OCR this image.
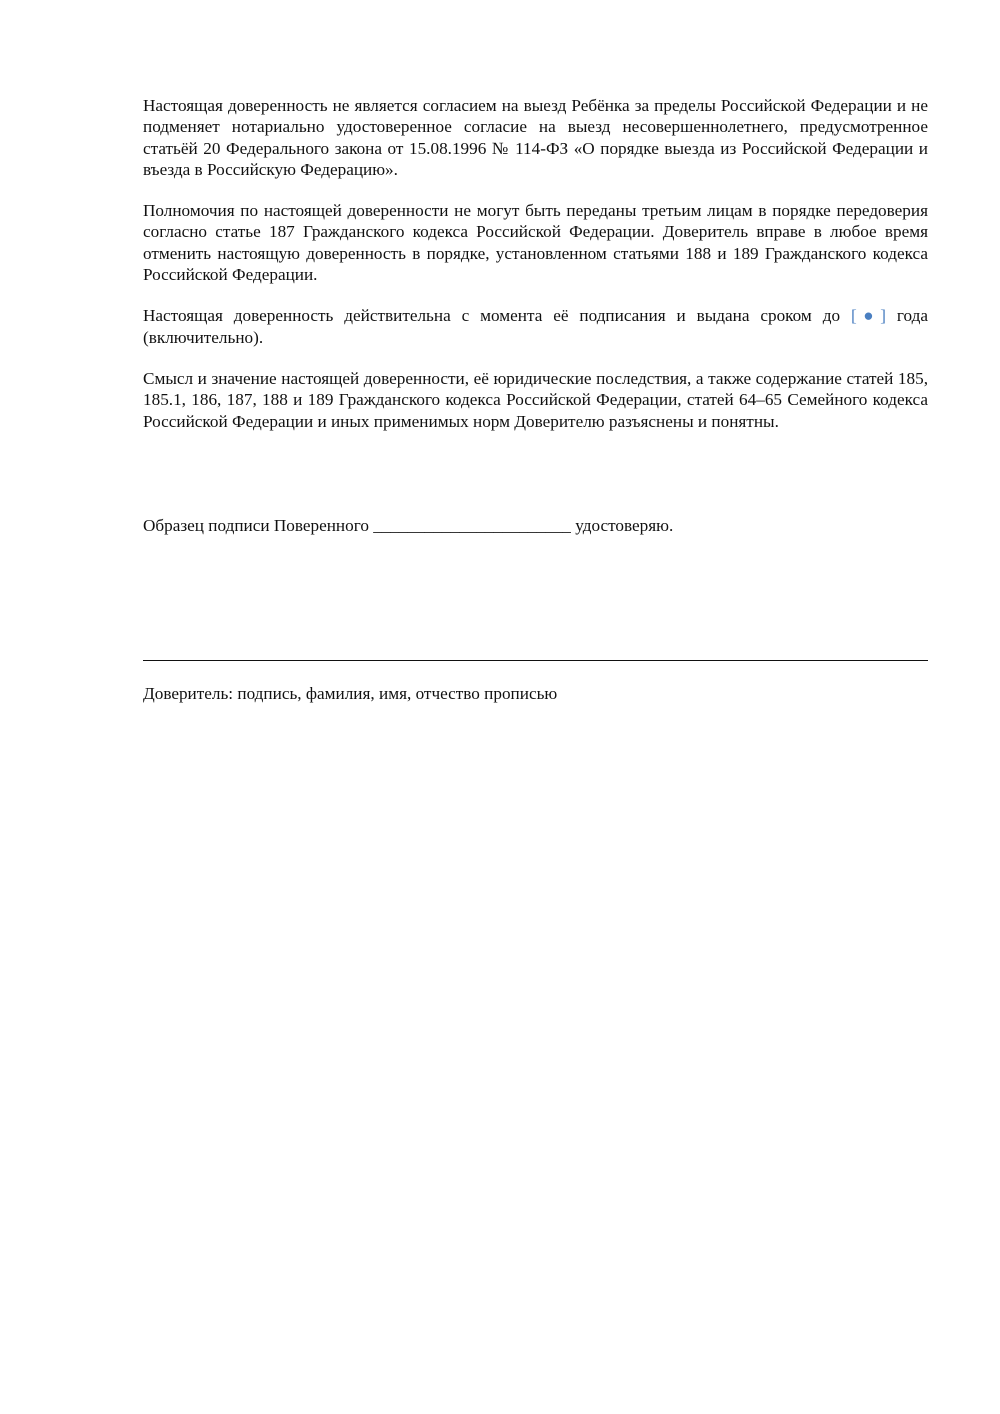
Настоящая доверенность не является согласием на выезд Ребёнка за пределы Российской Федерации и не подменяет нотариально удостоверенное согласие на выезд несовершеннолетнего, предусмотренное статьёй 20 Федерального закона от 15.08.1996 № 114-ФЗ «О порядке выезда из Российской Федерации и въезда в Российскую Федерацию».

Полномочия по настоящей доверенности не могут быть переданы третьим лицам в порядке передоверия согласно статье 187 Гражданского кодекса Российской Федерации. Доверитель вправе в любое время отменить настоящую доверенность в порядке, установленном статьями 188 и 189 Гражданского кодекса Российской Федерации.

Настоящая доверенность действительна с момента её подписания и выдана сроком до [●] года (включительно).

Смысл и значение настоящей доверенности, её юридические последствия, а также содержание статей 185, 185.1, 186, 187, 188 и 189 Гражданского кодекса Российской Федерации, статей 64–65 Семейного кодекса Российской Федерации и иных применимых норм Доверителю разъяснены и понятны.

Образец подписи Поверенного _______________________ удостоверяю.

Доверитель: подпись, фамилия, имя, отчество прописью
